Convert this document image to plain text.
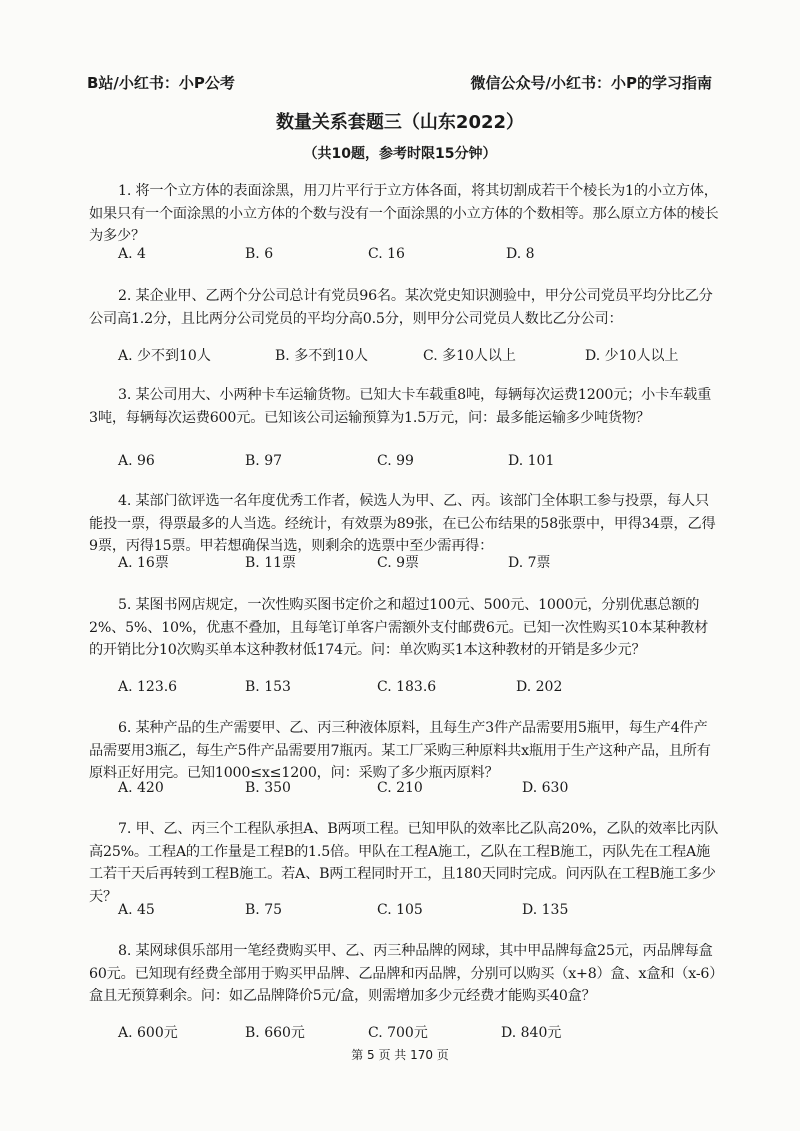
B站/小红书：小P公考	微信公众号/小红书：小P的学习指南
数量关系套题三（山东2022）
（共10题，参考时限15分钟）
1. 将一个立方体的表面涂黑，用刀片平行于立方体各面，将其切割成若干个棱长为1的小立方体，如果只有一个面涂黑的小立方体的个数与没有一个面涂黑的小立方体的个数相等。那么原立方体的棱长为多少？
A. 4	B. 6	C. 16	D. 8
2. 某企业甲、乙两个分公司总计有党员96名。某次党史知识测验中，甲分公司党员平均分比乙分公司高1.2分，且比两分公司党员的平均分高0.5分，则甲分公司党员人数比乙分公司：
A. 少不到10人	B. 多不到10人	C. 多10人以上	D. 少10人以上
3. 某公司用大、小两种卡车运输货物。已知大卡车载重8吨，每辆每次运费1200元；小卡车载重3吨，每辆每次运费600元。已知该公司运输预算为1.5万元，问：最多能运输多少吨货物？
A. 96	B. 97	C. 99	D. 101
4. 某部门欲评选一名年度优秀工作者，候选人为甲、乙、丙。该部门全体职工参与投票，每人只能投一票，得票最多的人当选。经统计，有效票为89张，在已公布结果的58张票中，甲得34票，乙得9票，丙得15票。甲若想确保当选，则剩余的选票中至少需再得：
A. 16票	B. 11票	C. 9票	D. 7票
5. 某图书网店规定，一次性购买图书定价之和超过100元、500元、1000元，分别优惠总额的2%、5%、10%，优惠不叠加，且每笔订单客户需额外支付邮费6元。已知一次性购买10本某种教材的开销比分10次购买单本这种教材低174元。问：单次购买1本这种教材的开销是多少元？
A. 123.6	B. 153	C. 183.6	D. 202
6. 某种产品的生产需要甲、乙、丙三种液体原料，且每生产3件产品需要用5瓶甲，每生产4件产品需要用3瓶乙，每生产5件产品需要用7瓶丙。某工厂采购三种原料共x瓶用于生产这种产品，且所有原料正好用完。已知1000≤x≤1200，问：采购了多少瓶丙原料？
A. 420	B. 350	C. 210	D. 630
7. 甲、乙、丙三个工程队承担A、B两项工程。已知甲队的效率比乙队高20%，乙队的效率比丙队高25%。工程A的工作量是工程B的1.5倍。甲队在工程A施工，乙队在工程B施工，丙队先在工程A施工若干天后再转到工程B施工。若A、B两工程同时开工，且180天同时完成。问丙队在工程B施工多少天？
A. 45	B. 75	C. 105	D. 135
8. 某网球俱乐部用一笔经费购买甲、乙、丙三种品牌的网球，其中甲品牌每盒25元，丙品牌每盒60元。已知现有经费全部用于购买甲品牌、乙品牌和丙品牌，分别可以购买（x+8）盒、x盒和（x-6）盒且无预算剩余。问：如乙品牌降价5元/盒，则需增加多少元经费才能购买40盒？
A. 600元	B. 660元	C. 700元	D. 840元
第 5 页 共 170 页
